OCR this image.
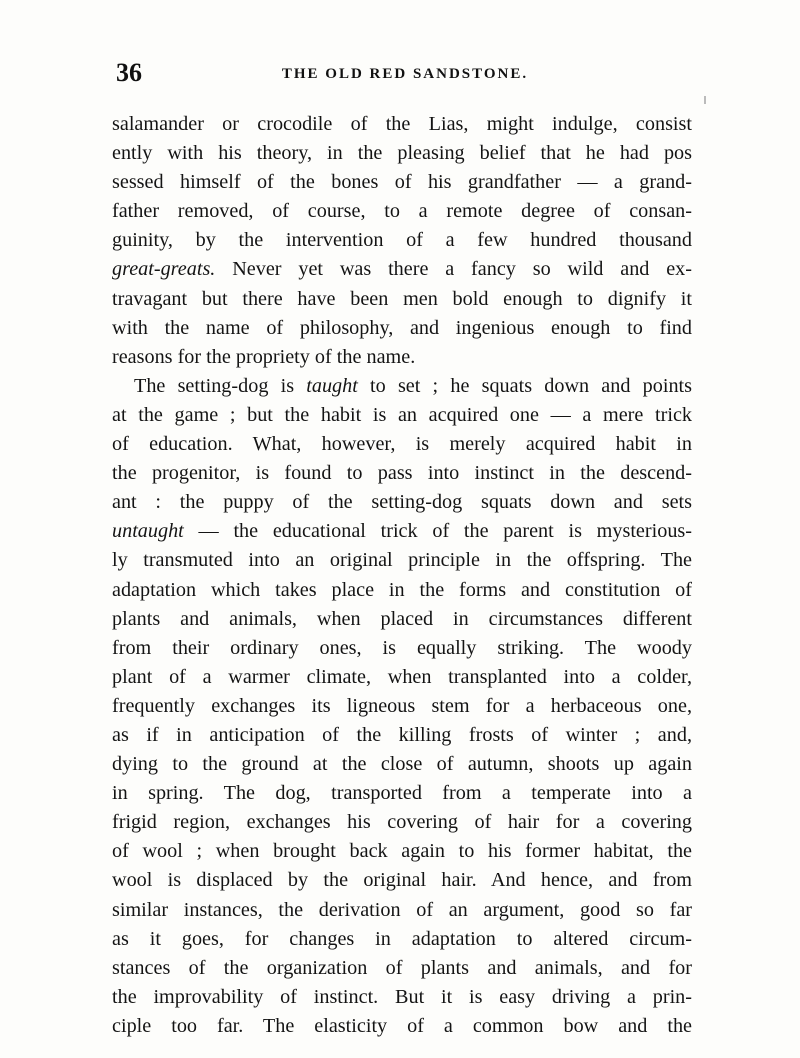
36	THE OLD RED SANDSTONE.
salamander or crocodile of the Lias, might indulge, consist
ently with his theory, in the pleasing belief that he had pos
sessed himself of the bones of his grandfather — a grand-
father removed, of course, to a remote degree of consan-
guinity, by the intervention of a few hundred thousand
great-greats. Never yet was there a fancy so wild and ex-
travagant but there have been men bold enough to dignify it
with the name of philosophy, and ingenious enough to find
reasons for the propriety of the name.
The setting-dog is taught to set ; he squats down and points
at the game ; but the habit is an acquired one — a mere trick
of education. What, however, is merely acquired habit in
the progenitor, is found to pass into instinct in the descend-
ant : the puppy of the setting-dog squats down and sets
untaught — the educational trick of the parent is mysterious-
ly transmuted into an original principle in the offspring. The
adaptation which takes place in the forms and constitution of
plants and animals, when placed in circumstances different
from their ordinary ones, is equally striking. The woody
plant of a warmer climate, when transplanted into a colder,
frequently exchanges its ligneous stem for a herbaceous one,
as if in anticipation of the killing frosts of winter ; and,
dying to the ground at the close of autumn, shoots up again
in spring. The dog, transported from a temperate into a
frigid region, exchanges his covering of hair for a covering
of wool ; when brought back again to his former habitat, the
wool is displaced by the original hair. And hence, and from
similar instances, the derivation of an argument, good so far
as it goes, for changes in adaptation to altered circum-
stances of the organization of plants and animals, and for
the improvability of instinct. But it is easy driving a prin-
ciple too far. The elasticity of a common bow and the
